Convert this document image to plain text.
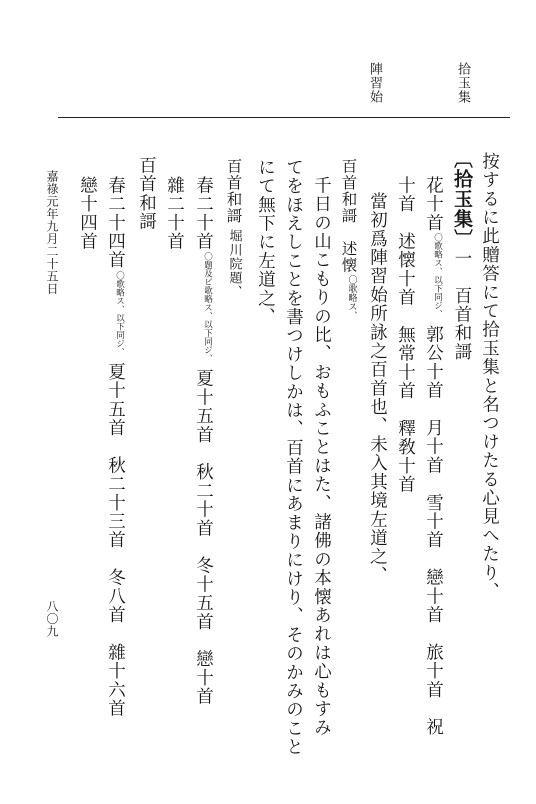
拾玉集
陣習始
按するに此贈答にて拾玉集と名つけたる心見へたり、
〔拾玉集〕一　百首和謌
花十首〇歌略ス、以下同ジ、郭公十首　月十首　雪十首　戀十首　旅十首　祝
十首　述懐十首　無常十首　釋敎十首
當初爲陣習始所詠之百首也、未入其境左道之、
百首和謌　述懐〇歌略ス、
千日の山こもりの比、おもふことはた、諸佛の本懐あれは心もすみ
てをほえしことを書つけしかは、百首にあまりにけり、そのかみのこと
にて無下に左道之、
百首和謌堀川院題、
春二十首〇題及ビ歌略ス、以下同ジ、夏十五首　秋二十首　冬十五首　戀十首
雜二十首
百首和謌
春二十四首〇歌略ス、以下同ジ、夏十五首　秋二十三首　冬八首　雜十六首
戀十四首
嘉祿元年九月二十五日
八〇九
